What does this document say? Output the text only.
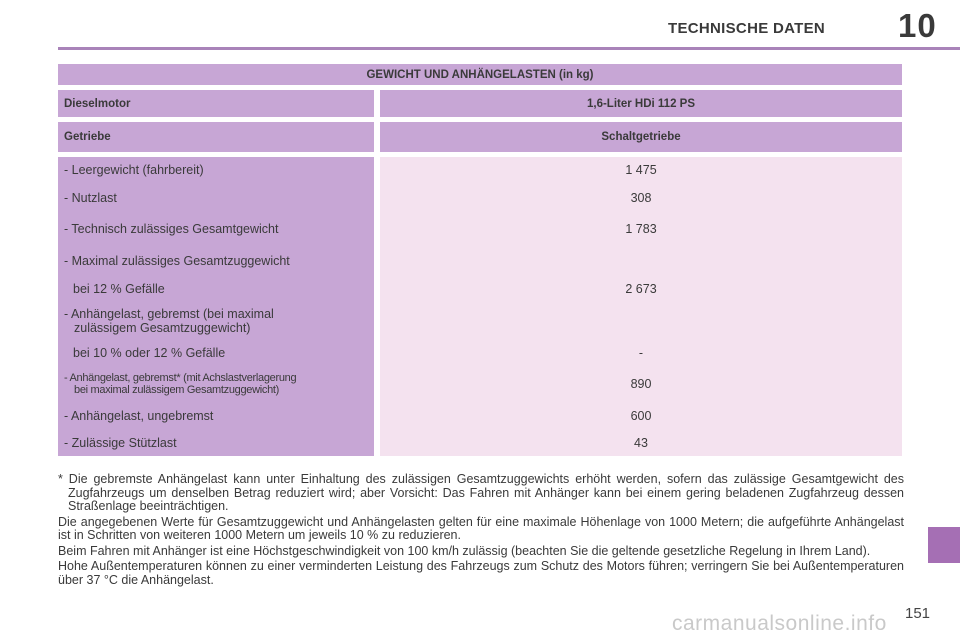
TECHNISCHE DATEN 10
GEWICHT UND ANHÄNGELASTEN (in kg)
Dieselmotor	1,6-Liter HDi 112 PS
Getriebe	Schaltgetriebe
- Leergewicht (fahrbereit)
- Nutzlast
- Technisch zulässiges Gesamtgewicht
- Maximal zulässiges Gesamtzuggewicht
bei 12 % Gefälle
- Anhängelast, gebremst (bei maximal
zulässigem Gesamtzuggewicht)
bei 10 % oder 12 % Gefälle
- Anhängelast, gebremst* (mit Achslastverlagerung
bei maximal zulässigem Gesamtzuggewicht)
- Anhängelast, ungebremst
- Zulässige Stützlast
1 475
308
1 783
2 673
-
890
600
43

* Die gebremste Anhängelast kann unter Einhaltung des zulässigen Gesamtzuggewichts erhöht werden, sofern das zulässige Gesamtgewicht des Zugfahrzeugs um denselben Betrag reduziert wird; aber Vorsicht: Das Fahren mit Anhänger kann bei einem gering beladenen Zugfahrzeug dessen Straßenlage beeinträchtigen.

Die angegebenen Werte für Gesamtzuggewicht und Anhängelasten gelten für eine maximale Höhenlage von 1000 Metern; die aufgeführte Anhängelast ist in Schritten von weiteren 1000 Metern um jeweils 10 % zu reduzieren.

Beim Fahren mit Anhänger ist eine Höchstgeschwindigkeit von 100 km/h zulässig (beachten Sie die geltende gesetzliche Regelung in Ihrem Land).

Hohe Außentemperaturen können zu einer verminderten Leistung des Fahrzeugs zum Schutz des Motors führen; verringern Sie bei Außentemperaturen über 37 °C die Anhängelast.

151
carmanualsonline.info
